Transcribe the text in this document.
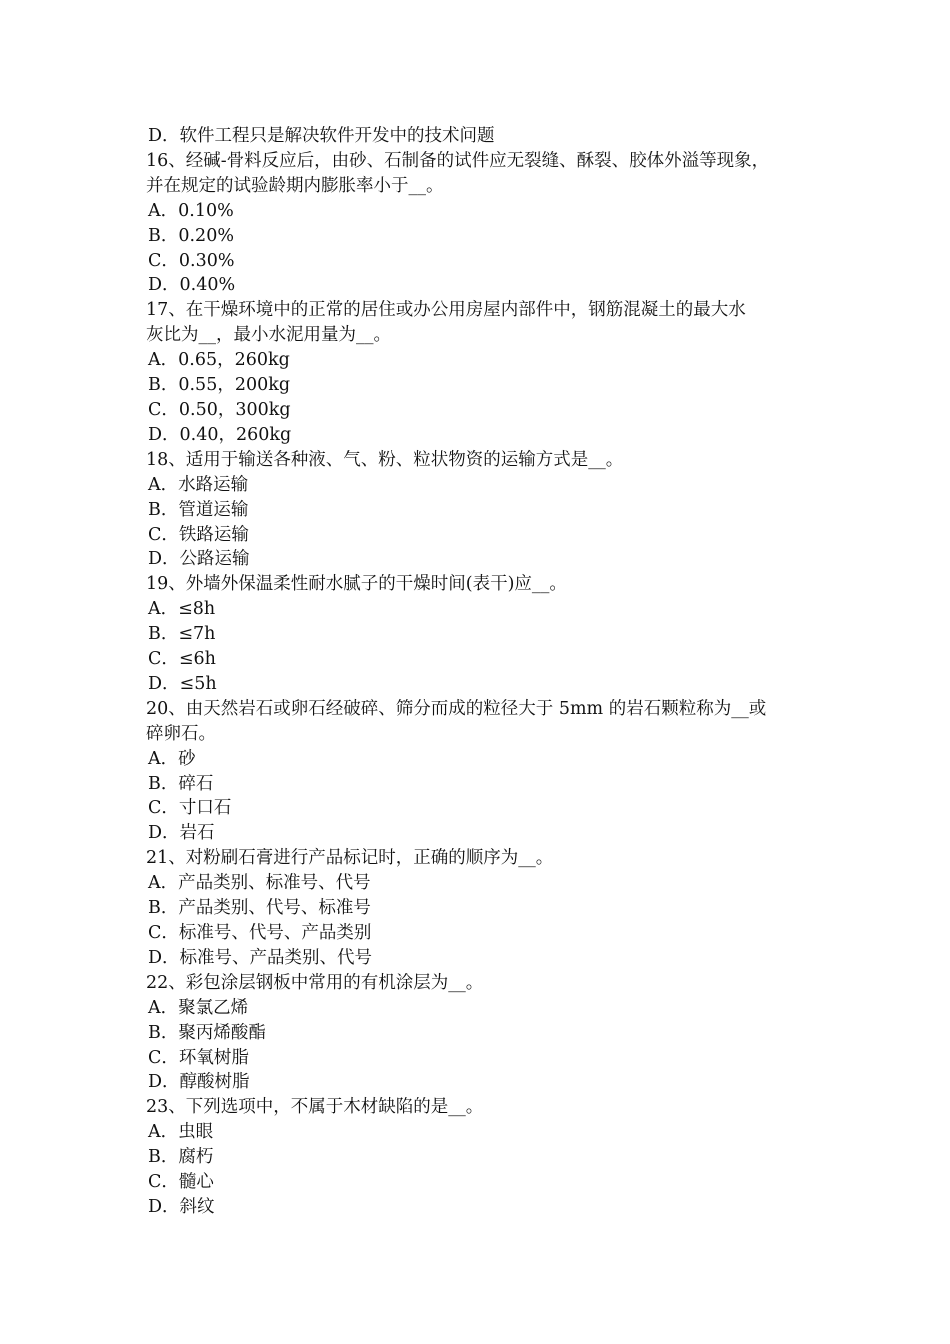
D．软件工程只是解决软件开发中的技术问题
16、经碱-骨料反应后，由砂、石制备的试件应无裂缝、酥裂、胶体外溢等现象，
并在规定的试验龄期内膨胀率小于__。
A．0.10%
B．0.20%
C．0.30%
D．0.40%
17、在干燥环境中的正常的居住或办公用房屋内部件中，钢筋混凝土的最大水
灰比为__，最小水泥用量为__。
A．0.65，260kg
B．0.55，200kg
C．0.50，300kg
D．0.40，260kg
18、适用于输送各种液、气、粉、粒状物资的运输方式是__。
A．水路运输
B．管道运输
C．铁路运输
D．公路运输
19、外墙外保温柔性耐水腻子的干燥时间(表干)应__。
A．≤8h
B．≤7h
C．≤6h
D．≤5h
20、由天然岩石或卵石经破碎、筛分而成的粒径大于 5mm 的岩石颗粒称为__或
碎卵石。
A．砂
B．碎石
C．寸口石
D．岩石
21、对粉刷石膏进行产品标记时，正确的顺序为__。
A．产品类别、标准号、代号
B．产品类别、代号、标准号
C．标准号、代号、产品类别
D．标准号、产品类别、代号
22、彩包涂层钢板中常用的有机涂层为__。
A．聚氯乙烯
B．聚丙烯酸酯
C．环氧树脂
D．醇酸树脂
23、下列选项中，不属于木材缺陷的是__。
A．虫眼
B．腐朽
C．髓心
D．斜纹
